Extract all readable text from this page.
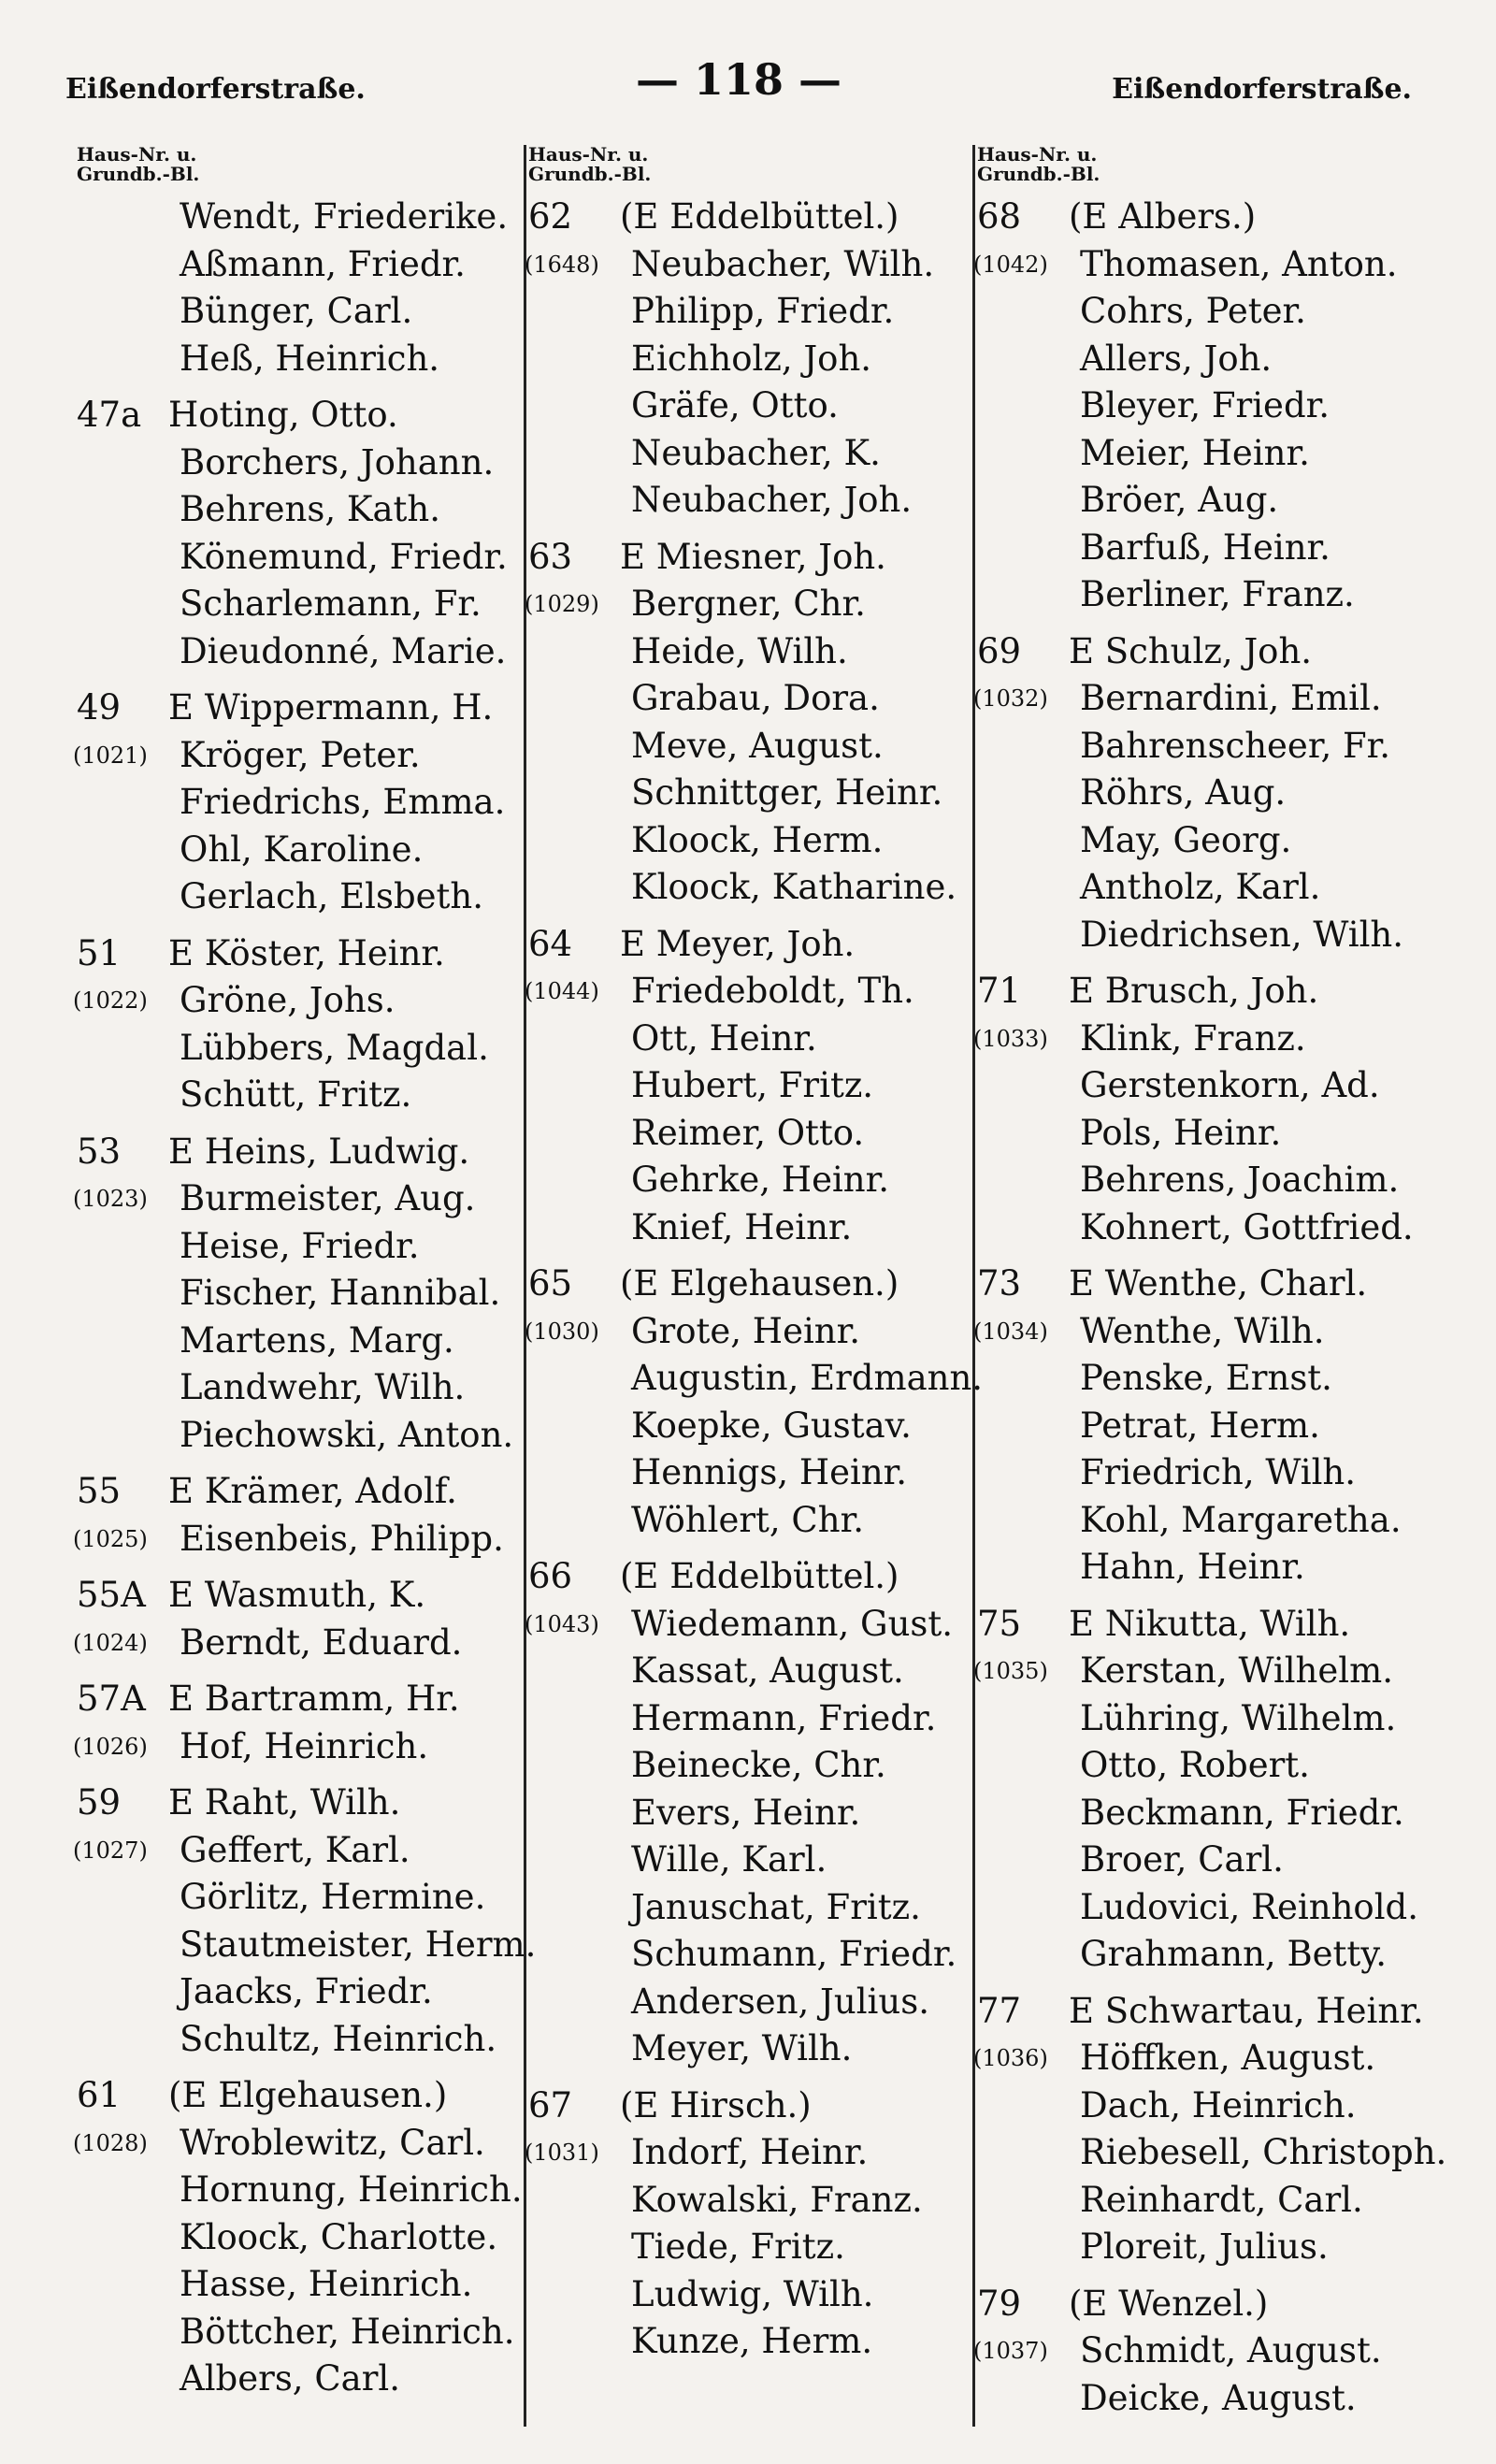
Eißendorferstraße.	— 118 —	Eißendorferstraße.
Haus-Nr. u.
Grundb.-Bl.
Wendt, Friederike.
Aßmann, Friedr.
Bünger, Carl.
Heß, Heinrich.
47a Hoting, Otto.
Borchers, Johann.
Behrens, Kath.
Könemund, Friedr.
Scharlemann, Fr.
Dieudonné, Marie.
49	E Wippermann, H.
(1021) Kröger, Peter.
Friedrichs, Emma.
Ohl, Karoline.
Gerlach, Elsbeth.
51	E Köster, Heinr.
(1022) Gröne, Johs.
Lübbers, Magdal.
Schütt, Fritz.
53	E Heins, Ludwig.
(1023) Burmeister, Aug.
Heise, Friedr.
Fischer, Hannibal.
Martens, Marg.
Landwehr, Wilh.
Piechowski, Anton.
55	E Krämer, Adolf.
(1025) Eisenbeis, Philipp.
55A E Wasmuth, K.
(1024) Berndt, Eduard.
57A E Bartramm, Hr.
(1026) Hof, Heinrich.
59	E Raht, Wilh.
(1027) Geffert, Karl.
Görlitz, Hermine.
Stautmeister, Herm.
Jaacks, Friedr.
Schultz, Heinrich.
61	(E Elgehausen.)
(1028) Wroblewitz, Carl.
Hornung, Heinrich.
Kloock, Charlotte.
Hasse, Heinrich.
Böttcher, Heinrich.
Albers, Carl.
Haus-Nr. u.
Grundb.-Bl.
62	(E Eddelbüttel.)
(1648) Neubacher, Wilh.
Philipp, Friedr.
Eichholz, Joh.
Gräfe, Otto.
Neubacher, K.
Neubacher, Joh.
63	E Miesner, Joh.
(1029) Bergner, Chr.
Heide, Wilh.
Grabau, Dora.
Meve, August.
Schnittger, Heinr.
Kloock, Herm.
Kloock, Katharine.
64	E Meyer, Joh.
(1044) Friedeboldt, Th.
Ott, Heinr.
Hubert, Fritz.
Reimer, Otto.
Gehrke, Heinr.
Knief, Heinr.
65	(E Elgehausen.)
(1030) Grote, Heinr.
Augustin, Erdmann.
Koepke, Gustav.
Hennigs, Heinr.
Wöhlert, Chr.
66	(E Eddelbüttel.)
(1043) Wiedemann, Gust.
Kassat, August.
Hermann, Friedr.
Beinecke, Chr.
Evers, Heinr.
Wille, Karl.
Januschat, Fritz.
Schumann, Friedr.
Andersen, Julius.
Meyer, Wilh.
67	(E Hirsch.)
(1031) Indorf, Heinr.
Kowalski, Franz.
Tiede, Fritz.
Ludwig, Wilh.
Kunze, Herm.
Haus-Nr. u.
Grundb.-Bl.
68	(E Albers.)
(1042) Thomasen, Anton.
Cohrs, Peter.
Allers, Joh.
Bleyer, Friedr.
Meier, Heinr.
Bröer, Aug.
Barfuß, Heinr.
Berliner, Franz.
69	E Schulz, Joh.
(1032) Bernardini, Emil.
Bahrenscheer, Fr.
Röhrs, Aug.
May, Georg.
Antholz, Karl.
Diedrichsen, Wilh.
71	E Brusch, Joh.
(1033) Klink, Franz.
Gerstenkorn, Ad.
Pols, Heinr.
Behrens, Joachim.
Kohnert, Gottfried.
73	E Wenthe, Charl.
(1034) Wenthe, Wilh.
Penske, Ernst.
Petrat, Herm.
Friedrich, Wilh.
Kohl, Margaretha.
Hahn, Heinr.
75	E Nikutta, Wilh.
(1035) Kerstan, Wilhelm.
Lühring, Wilhelm.
Otto, Robert.
Beckmann, Friedr.
Broer, Carl.
Ludovici, Reinhold.
Grahmann, Betty.
77	E Schwartau, Heinr.
(1036) Höffken, August.
Dach, Heinrich.
Riebesell, Christoph.
Reinhardt, Carl.
Ploreit, Julius.
79	(E Wenzel.)
(1037) Schmidt, August.
Deicke, August.
